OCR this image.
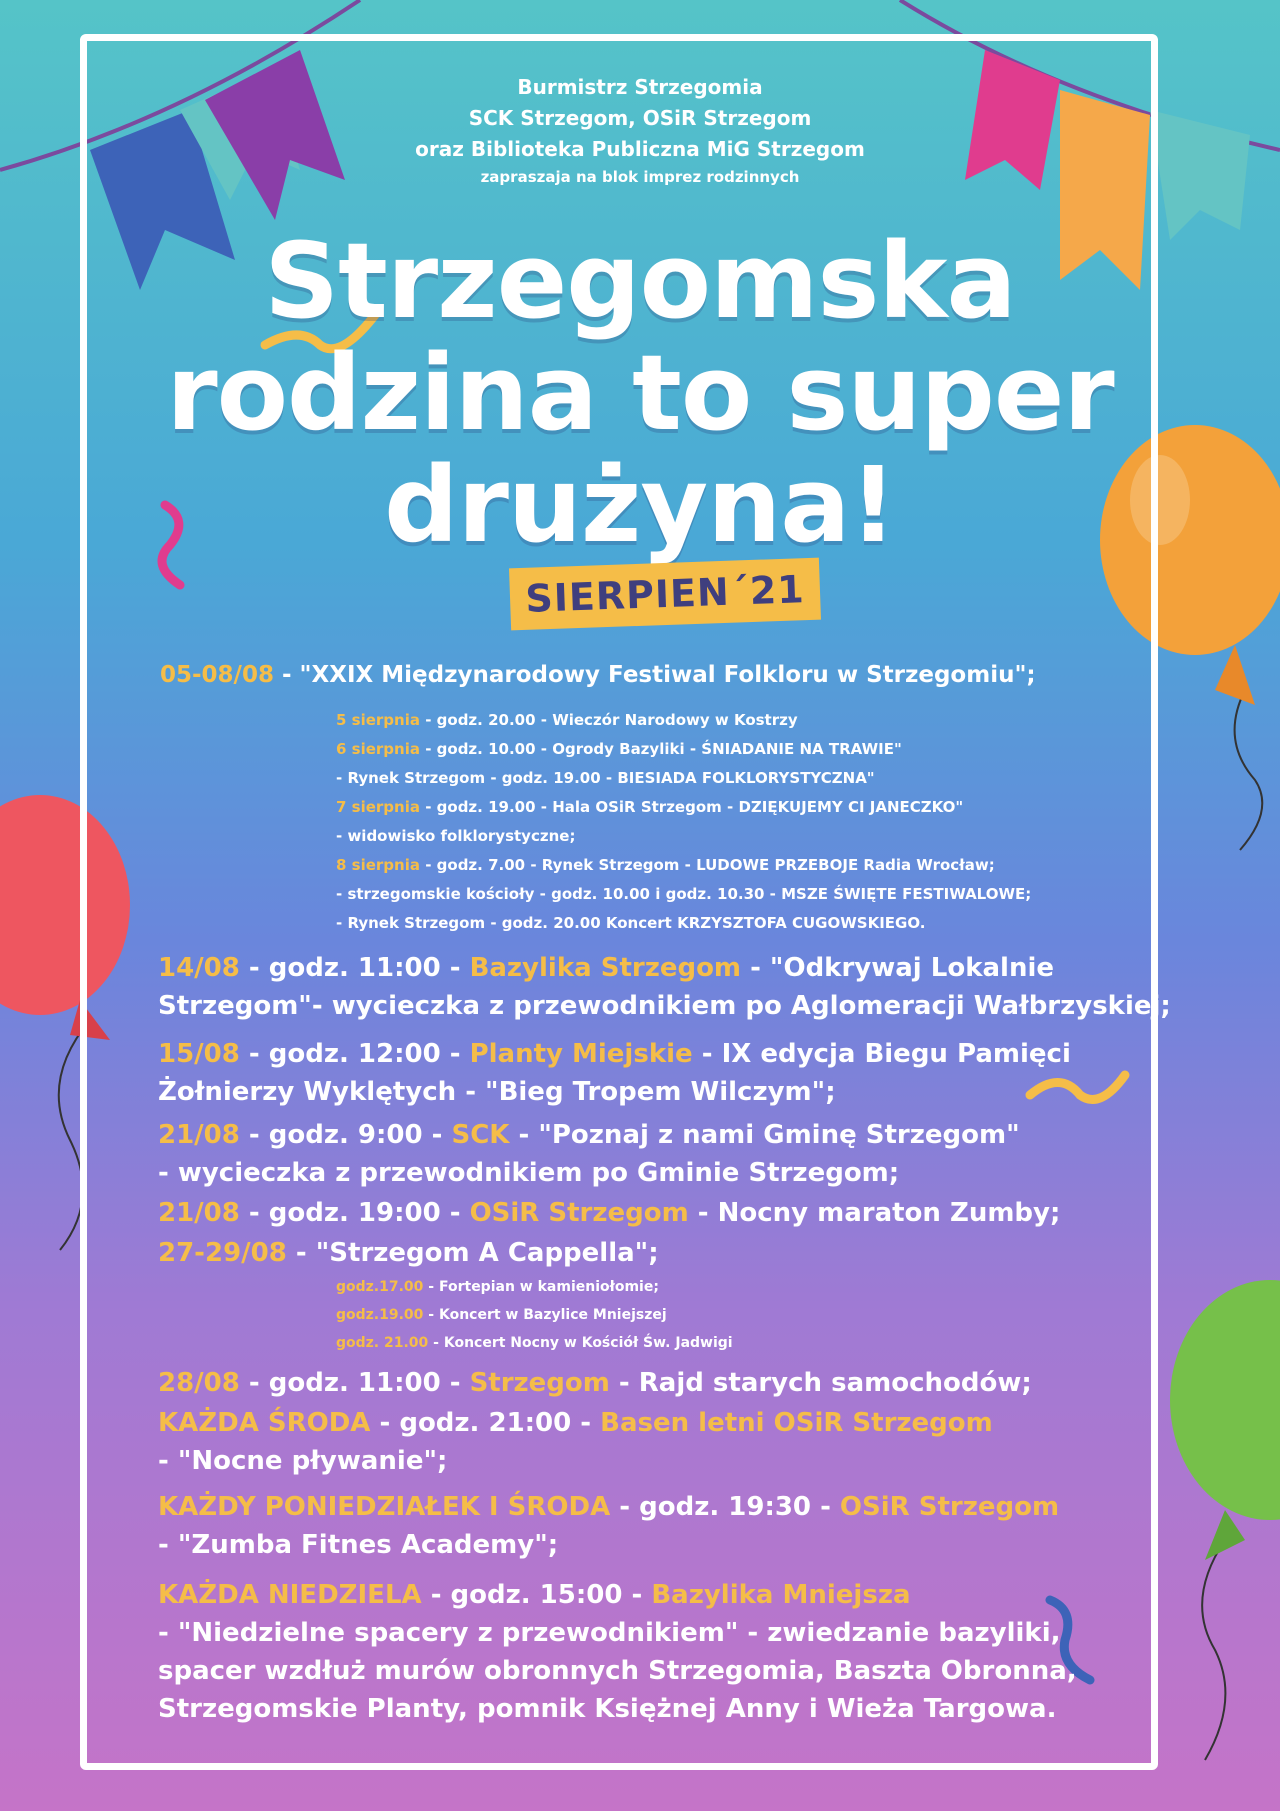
Burmistrz Strzegomia
SCK Strzegom, OSiR Strzegom
oraz Biblioteka Publiczna MiG Strzegom
zapraszaja na blok imprez rodzinnych
Strzegomska
rodzina to super
drużyna!
SIERPIEN´21
05-08/08 - "XXIX Międzynarodowy Festiwal Folkloru w Strzegomiu";
5 sierpnia - godz. 20.00 - Wieczór Narodowy w Kostrzy
6 sierpnia - godz. 10.00 - Ogrody Bazyliki - ŚNIADANIE NA TRAWIE"
- Rynek Strzegom - godz. 19.00 - BIESIADA FOLKLORYSTYCZNA"
7 sierpnia - godz. 19.00 - Hala OSiR Strzegom - DZIĘKUJEMY CI JANECZKO"
- widowisko folklorystyczne;
8 sierpnia - godz. 7.00 - Rynek Strzegom - LUDOWE PRZEBOJE Radia Wrocław;
- strzegomskie kościoły - godz. 10.00 i godz. 10.30 - MSZE ŚWIĘTE FESTIWALOWE;
- Rynek Strzegom - godz. 20.00 Koncert KRZYSZTOFA CUGOWSKIEGO.
14/08 - godz. 11:00 - Bazylika Strzegom - "Odkrywaj Lokalnie
Strzegom"- wycieczka z przewodnikiem po Aglomeracji Wałbrzyskiej;
15/08 - godz. 12:00 - Planty Miejskie - IX edycja Biegu Pamięci
Żołnierzy Wyklętych - "Bieg Tropem Wilczym";
21/08 - godz. 9:00 - SCK - "Poznaj z nami Gminę Strzegom"
- wycieczka z przewodnikiem po Gminie Strzegom;
21/08 - godz. 19:00 - OSiR Strzegom - Nocny maraton Zumby;
27-29/08 - "Strzegom A Cappella";
godz.17.00 - Fortepian w kamieniołomie;
godz.19.00 - Koncert w Bazylice Mniejszej
godz. 21.00 - Koncert Nocny w Kościół Św. Jadwigi
28/08 - godz. 11:00 - Strzegom - Rajd starych samochodów;
KAŻDA ŚRODA - godz. 21:00 - Basen letni OSiR Strzegom
- "Nocne pływanie";
KAŻDY PONIEDZIAŁEK I ŚRODA - godz. 19:30 - OSiR Strzegom
- "Zumba Fitnes Academy";
KAŻDA NIEDZIELA - godz. 15:00 - Bazylika Mniejsza
- "Niedzielne spacery z przewodnikiem" - zwiedzanie bazyliki,
spacer wzdłuż murów obronnych Strzegomia, Baszta Obronna,
Strzegomskie Planty, pomnik Księżnej Anny i Wieża Targowa.
